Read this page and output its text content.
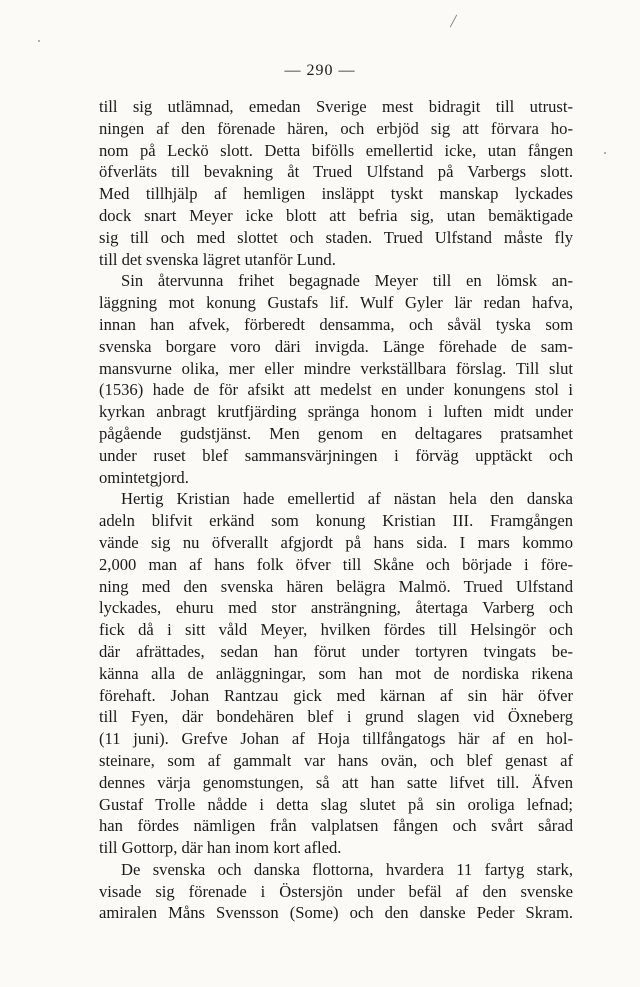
— 290 —
till sig utlämnad, emedan Sverige mest bidragit till utrust-
ningen af den förenade hären, och erbjöd sig att förvara ho-
nom på Leckö slott. Detta bifölls emellertid icke, utan fången
öfverläts till bevakning åt Trued Ulfstand på Varbergs slott.
Med tillhjälp af hemligen insläppt tyskt manskap lyckades
dock snart Meyer icke blott att befria sig, utan bemäktigade
sig till och med slottet och staden. Trued Ulfstand måste fly
till det svenska lägret utanför Lund.
Sin återvunna frihet begagnade Meyer till en lömsk an-
läggning mot konung Gustafs lif. Wulf Gyler lär redan hafva,
innan han afvek, förberedt densamma, och såväl tyska som
svenska borgare voro däri invigda. Länge förehade de sam-
mansvurne olika, mer eller mindre verkställbara förslag. Till slut
(1536) hade de för afsikt att medelst en under konungens stol i
kyrkan anbragt krutfjärding spränga honom i luften midt under
pågående gudstjänst. Men genom en deltagares pratsamhet
under ruset blef sammansvärjningen i förväg upptäckt och
omintetgjord.
Hertig Kristian hade emellertid af nästan hela den danska
adeln blifvit erkänd som konung Kristian III. Framgången
vände sig nu öfverallt afgjordt på hans sida. I mars kommo
2,000 man af hans folk öfver till Skåne och började i före-
ning med den svenska hären belägra Malmö. Trued Ulfstand
lyckades, ehuru med stor ansträngning, återtaga Varberg och
fick då i sitt våld Meyer, hvilken fördes till Helsingör och
där afrättades, sedan han förut under tortyren tvingats be-
känna alla de anläggningar, som han mot de nordiska rikena
förehaft. Johan Rantzau gick med kärnan af sin här öfver
till Fyen, där bondehären blef i grund slagen vid Öxneberg
(11 juni). Grefve Johan af Hoja tillfångatogs här af en hol-
steinare, som af gammalt var hans ovän, och blef genast af
dennes värja genomstungen, så att han satte lifvet till. Äfven
Gustaf Trolle nådde i detta slag slutet på sin oroliga lefnad;
han fördes nämligen från valplatsen fången och svårt sårad
till Gottorp, där han inom kort afled.
De svenska och danska flottorna, hvardera 11 fartyg stark,
visade sig förenade i Östersjön under befäl af den svenske
amiralen Måns Svensson (Some) och den danske Peder Skram.
